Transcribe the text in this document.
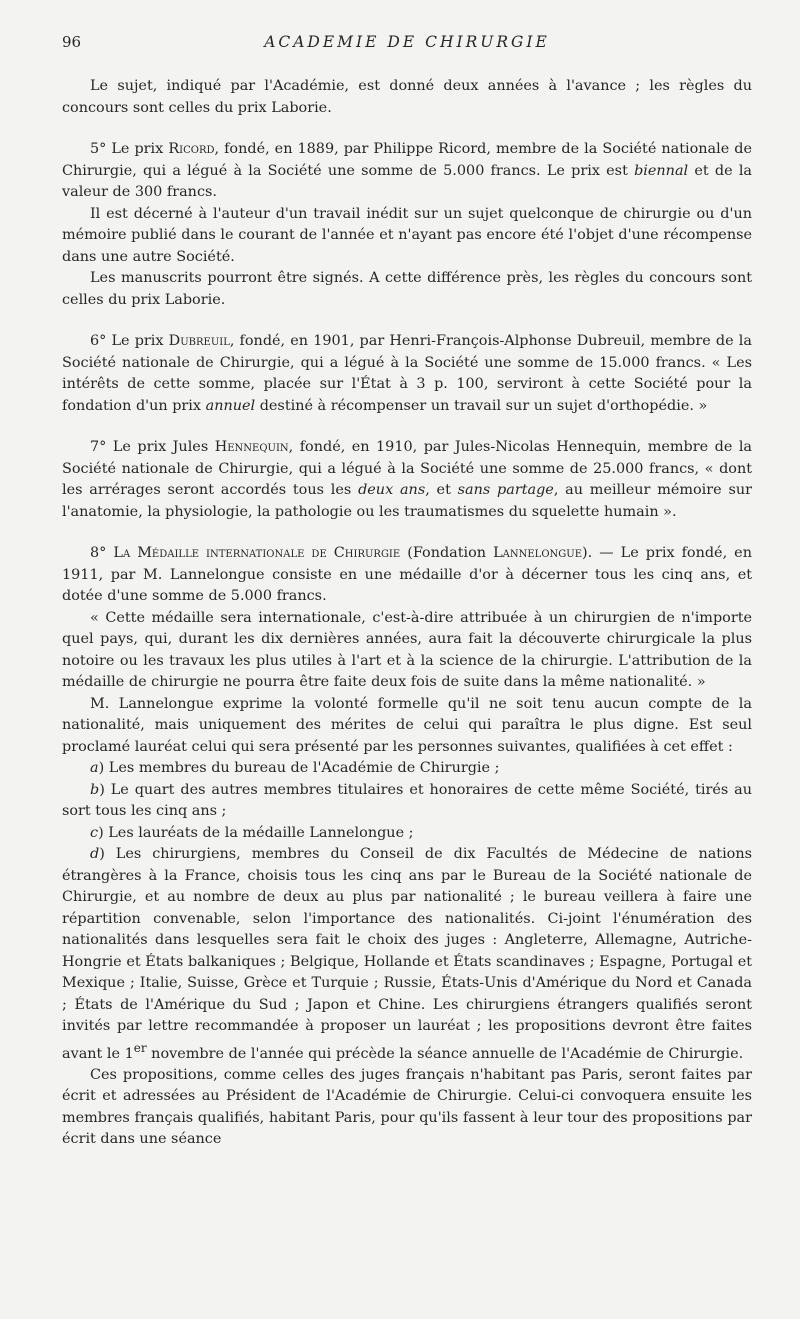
96	ACADEMIE DE CHIRURGIE

Le sujet, indiqué par l'Académie, est donné deux années à l'avance ; les règles du concours sont celles du prix Laborie.

5° Le prix Ricord, fondé, en 1889, par Philippe Ricord, membre de la Société nationale de Chirurgie, qui a légué à la Société une somme de 5.000 francs. Le prix est biennal et de la valeur de 300 francs.

Il est décerné à l'auteur d'un travail inédit sur un sujet quelconque de chirurgie ou d'un mémoire publié dans le courant de l'année et n'ayant pas encore été l'objet d'une récompense dans une autre Société.

Les manuscrits pourront être signés. A cette différence près, les règles du concours sont celles du prix Laborie.

6° Le prix Dubreuil, fondé, en 1901, par Henri-François-Alphonse Dubreuil, membre de la Société nationale de Chirurgie, qui a légué à la Société une somme de 15.000 francs. « Les intérêts de cette somme, placée sur l'État à 3 p. 100, serviront à cette Société pour la fondation d'un prix annuel destiné à récompenser un travail sur un sujet d'orthopédie. »

7° Le prix Jules Hennequin, fondé, en 1910, par Jules-Nicolas Hennequin, membre de la Société nationale de Chirurgie, qui a légué à la Société une somme de 25.000 francs, « dont les arrérages seront accordés tous les deux ans, et sans partage, au meilleur mémoire sur l'anatomie, la physiologie, la pathologie ou les traumatismes du squelette humain ».

8° La Médaille internationale de Chirurgie (Fondation Lannelongue). — Le prix fondé, en 1911, par M. Lannelongue consiste en une médaille d'or à décerner tous les cinq ans, et dotée d'une somme de 5.000 francs.

« Cette médaille sera internationale, c'est-à-dire attribuée à un chirurgien de n'importe quel pays, qui, durant les dix dernières années, aura fait la découverte chirurgicale la plus notoire ou les travaux les plus utiles à l'art et à la science de la chirurgie. L'attribution de la médaille de chirurgie ne pourra être faite deux fois de suite dans la même nationalité. »

M. Lannelongue exprime la volonté formelle qu'il ne soit tenu aucun compte de la nationalité, mais uniquement des mérites de celui qui paraîtra le plus digne. Est seul proclamé lauréat celui qui sera présenté par les personnes suivantes, qualifiées à cet effet :

a) Les membres du bureau de l'Académie de Chirurgie ;

b) Le quart des autres membres titulaires et honoraires de cette même Société, tirés au sort tous les cinq ans ;

c) Les lauréats de la médaille Lannelongue ;

d) Les chirurgiens, membres du Conseil de dix Facultés de Médecine de nations étrangères à la France, choisis tous les cinq ans par le Bureau de la Société nationale de Chirurgie, et au nombre de deux au plus par nationalité ; le bureau veillera à faire une répartition convenable, selon l'importance des nationalités. Ci-joint l'énumération des nationalités dans lesquelles sera fait le choix des juges : Angleterre, Allemagne, Autriche-Hongrie et États balkaniques ; Belgique, Hollande et États scandinaves ; Espagne, Portugal et Mexique ; Italie, Suisse, Grèce et Turquie ; Russie, États-Unis d'Amérique du Nord et Canada ; États de l'Amérique du Sud ; Japon et Chine. Les chirurgiens étrangers qualifiés seront invités par lettre recommandée à proposer un lauréat ; les propositions devront être faites avant le 1er novembre de l'année qui précède la séance annuelle de l'Académie de Chirurgie.

Ces propositions, comme celles des juges français n'habitant pas Paris, seront faites par écrit et adressées au Président de l'Académie de Chirurgie. Celui-ci convoquera ensuite les membres français qualifiés, habitant Paris, pour qu'ils fassent à leur tour des propositions par écrit dans une séance
